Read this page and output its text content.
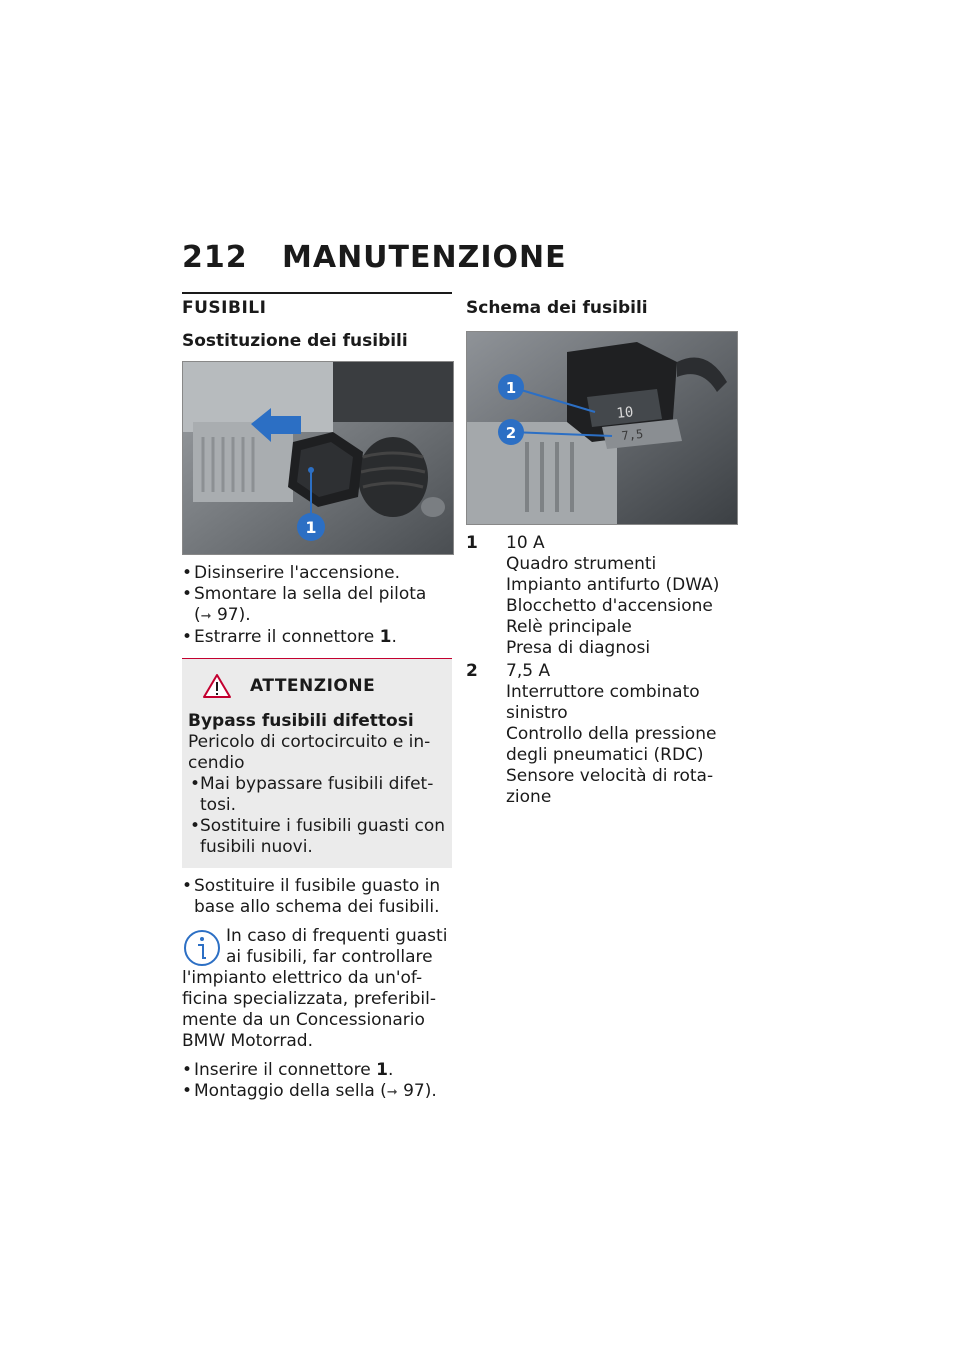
212 MANUTENZIONE
FUSIBILI
Sostituzione dei fusibili
1
• Disinserire l'accensione.
• Smontare la sella del pilota
(➞ 97).
• Estrarre il connettore 1.
ATTENZIONE
Bypass fusibili difettosi

Pericolo di cortocircuito e in-cendio

• Mai bypassare fusibili difet-tosi.
• Sostituire i fusibili guasti con fusibili nuovi.
• Sostituire il fusibile guasto in base allo schema dei fusibili.
In caso di frequenti guasti ai fusibili, far controllare l'impianto elettrico da un'of-ficina specializzata, preferibil-mente da un Concessionario BMW Motorrad.
• Inserire il connettore 1.
• Montaggio della sella (➞ 97).
Schema dei fusibili
10
7,5
1
2
1 10 A
Quadro strumenti
Impianto antifurto (DWA)
Blocchetto d'accensione
Relè principale
Presa di diagnosi
2 7,5 A
Interruttore combinato sinistro
Controllo della pressione degli pneumatici (RDC)
Sensore velocità di rota-zione
